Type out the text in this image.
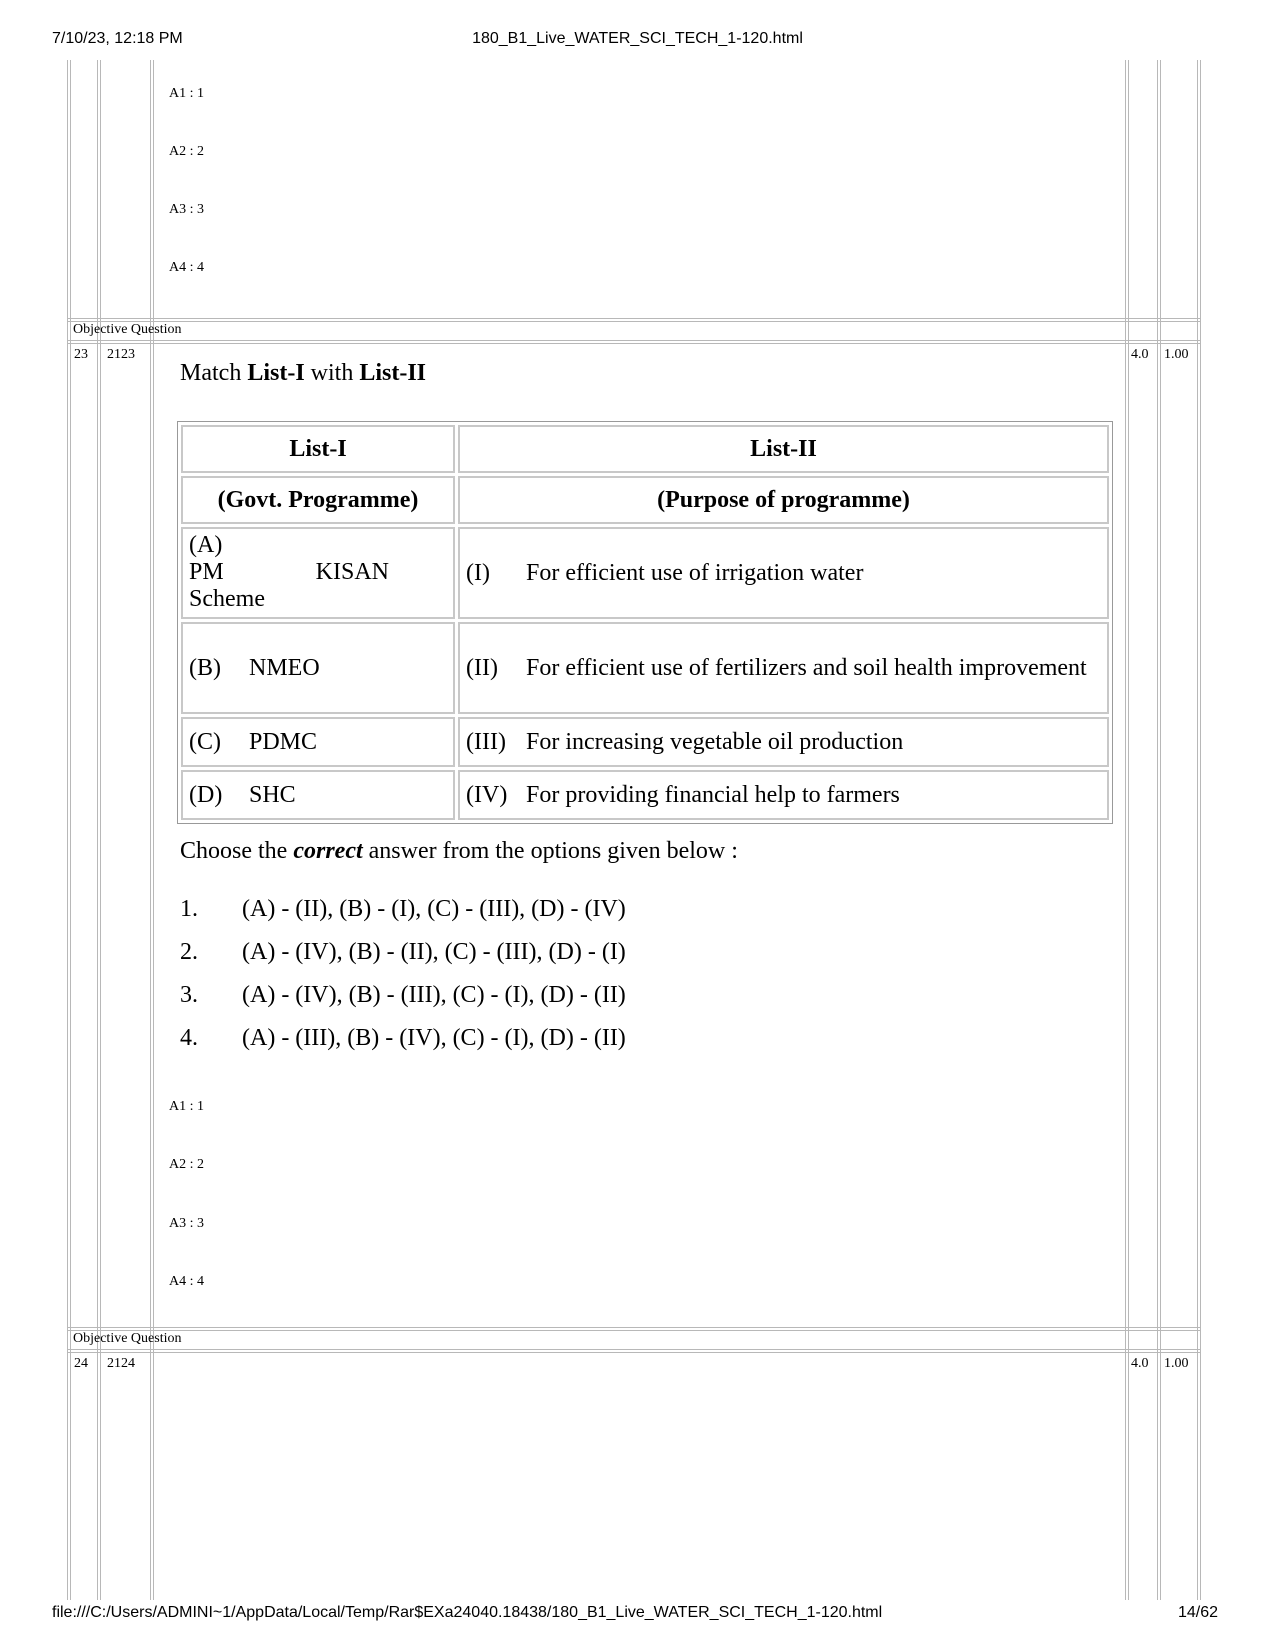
7/10/23, 12:18 PM	180_B1_Live_WATER_SCI_TECH_1-120.html
A1 : 1
A2 : 2
A3 : 3
A4 : 4
Objective Question
23 2123	4.0 1.00
Match List-I with List-II
List-I	List-II
(Govt. Programme)	(Purpose of programme)
(A)
PM KISAN
Scheme	(I) For efficient use of irrigation water
(B) NMEO	(II) For efficient use of fertilizers and soil health improvement
(C) PDMC	(III) For increasing vegetable oil production
(D) SHC	(IV) For providing financial help to farmers
Choose the correct answer from the options given below :
1. (A) - (II), (B) - (I), (C) - (III), (D) - (IV)
2. (A) - (IV), (B) - (II), (C) - (III), (D) - (I)
3. (A) - (IV), (B) - (III), (C) - (I), (D) - (II)
4. (A) - (III), (B) - (IV), (C) - (I), (D) - (II)
A1 : 1
A2 : 2
A3 : 3
A4 : 4
Objective Question
24 2124	4.0 1.00
file:///C:/Users/ADMINI~1/AppData/Local/Temp/Rar$EXa24040.18438/180_B1_Live_WATER_SCI_TECH_1-120.html	14/62
